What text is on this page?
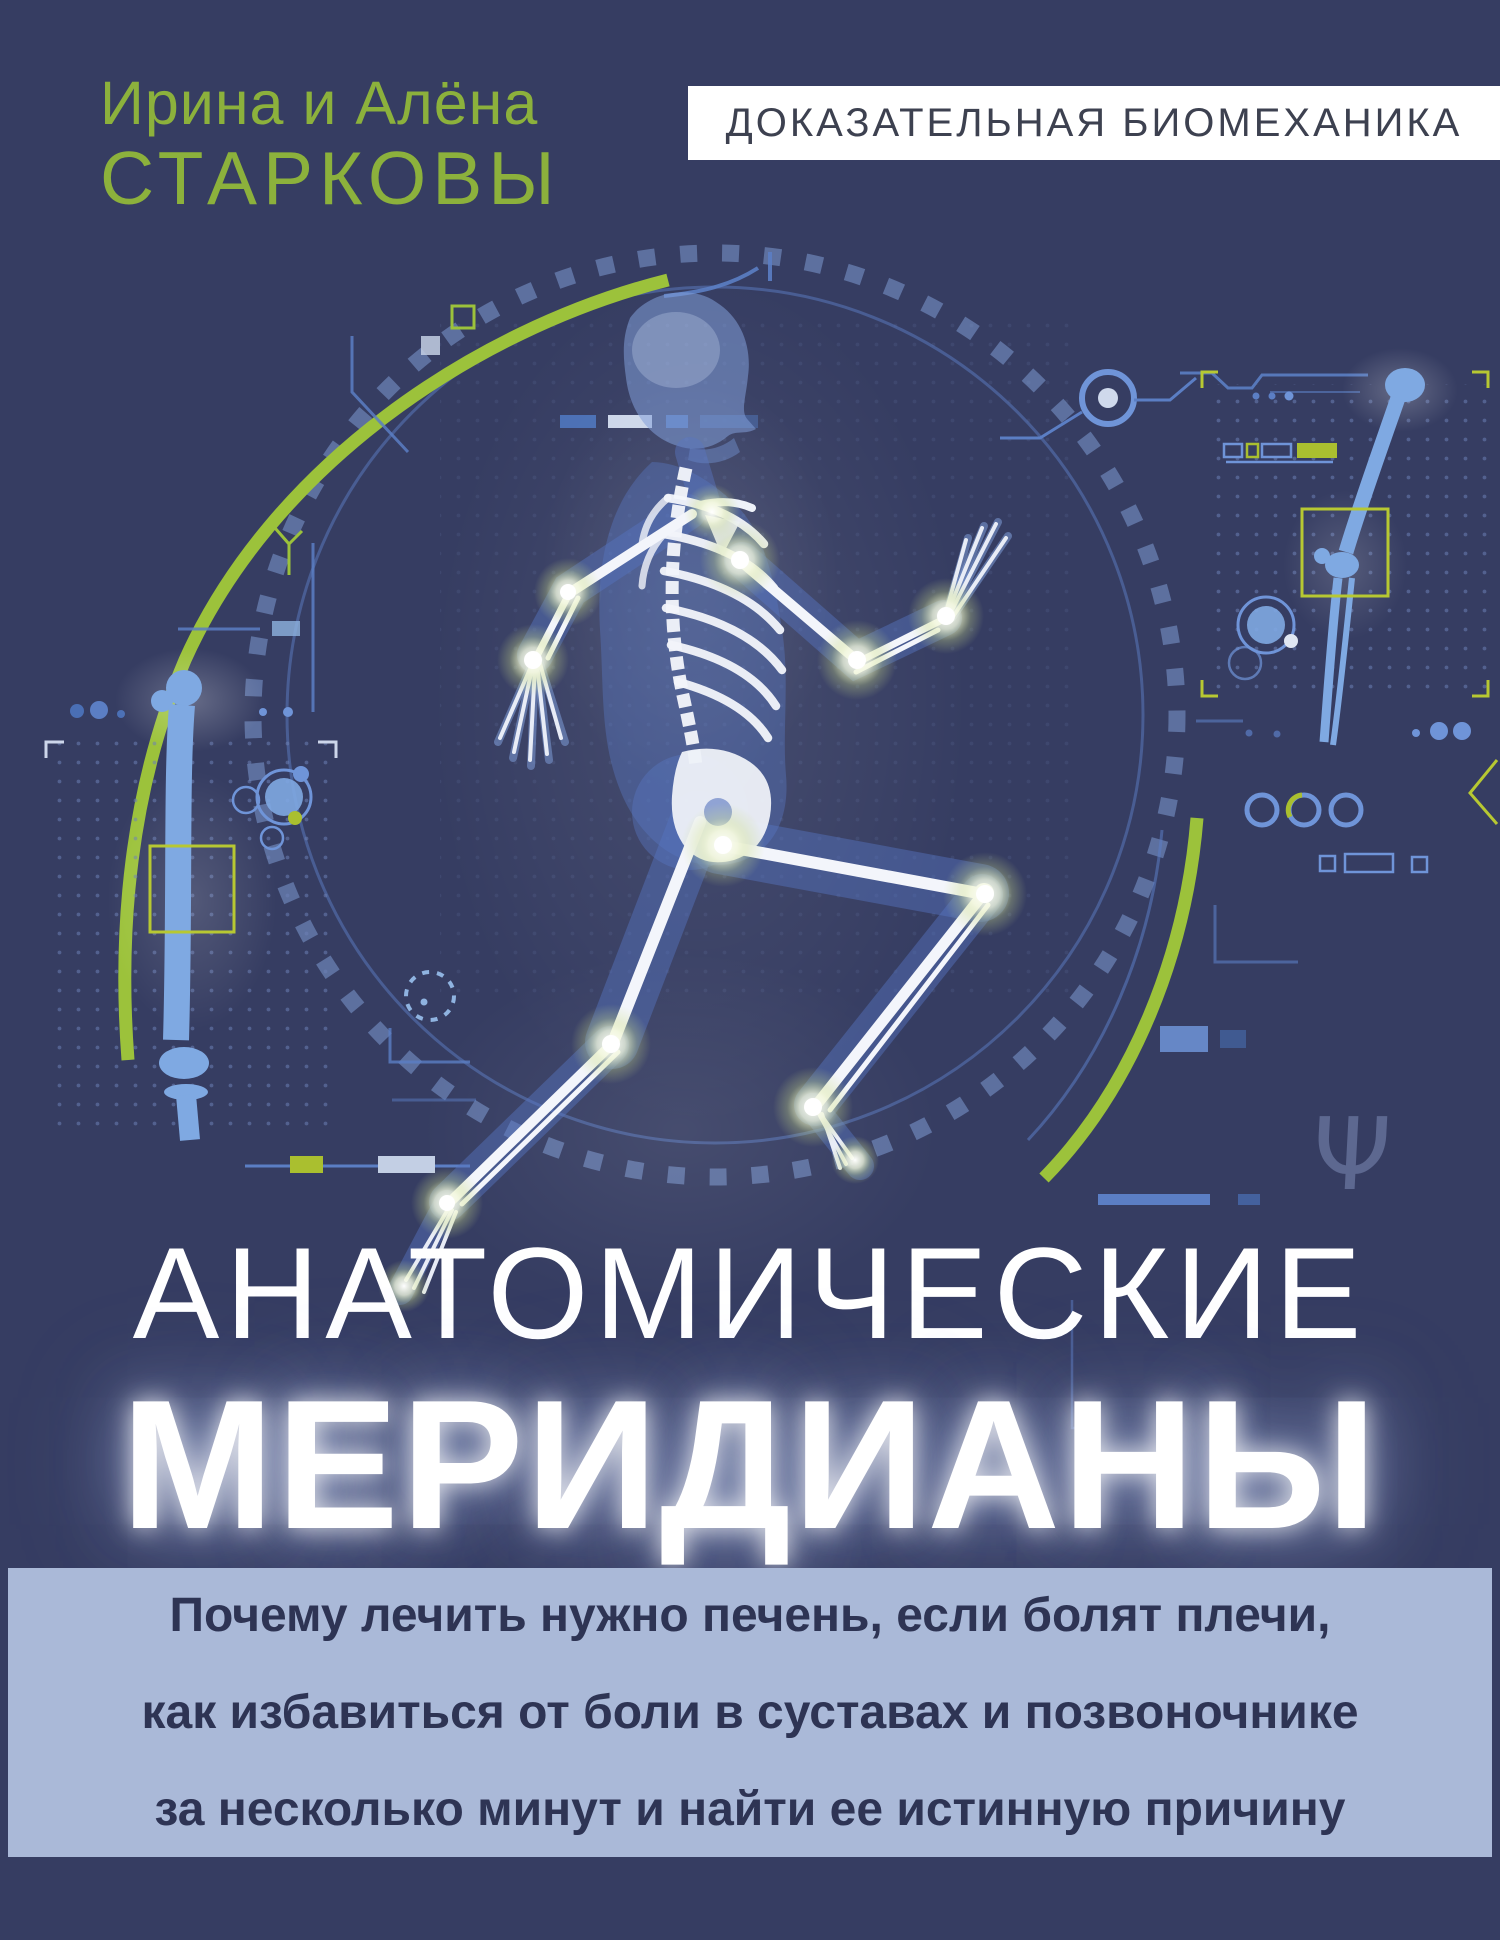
Ирина и Алёна
СТАРКОВЫ
ДОКАЗАТЕЛЬНАЯ БИОМЕХАНИКА
Ψ
АНАТОМИЧЕСКИЕ
МЕРИДИАНЫ
Почему лечить нужно печень, если болят плечи,
как избавиться от боли в суставах и позвоночнике
за несколько минут и найти ее истинную причину
